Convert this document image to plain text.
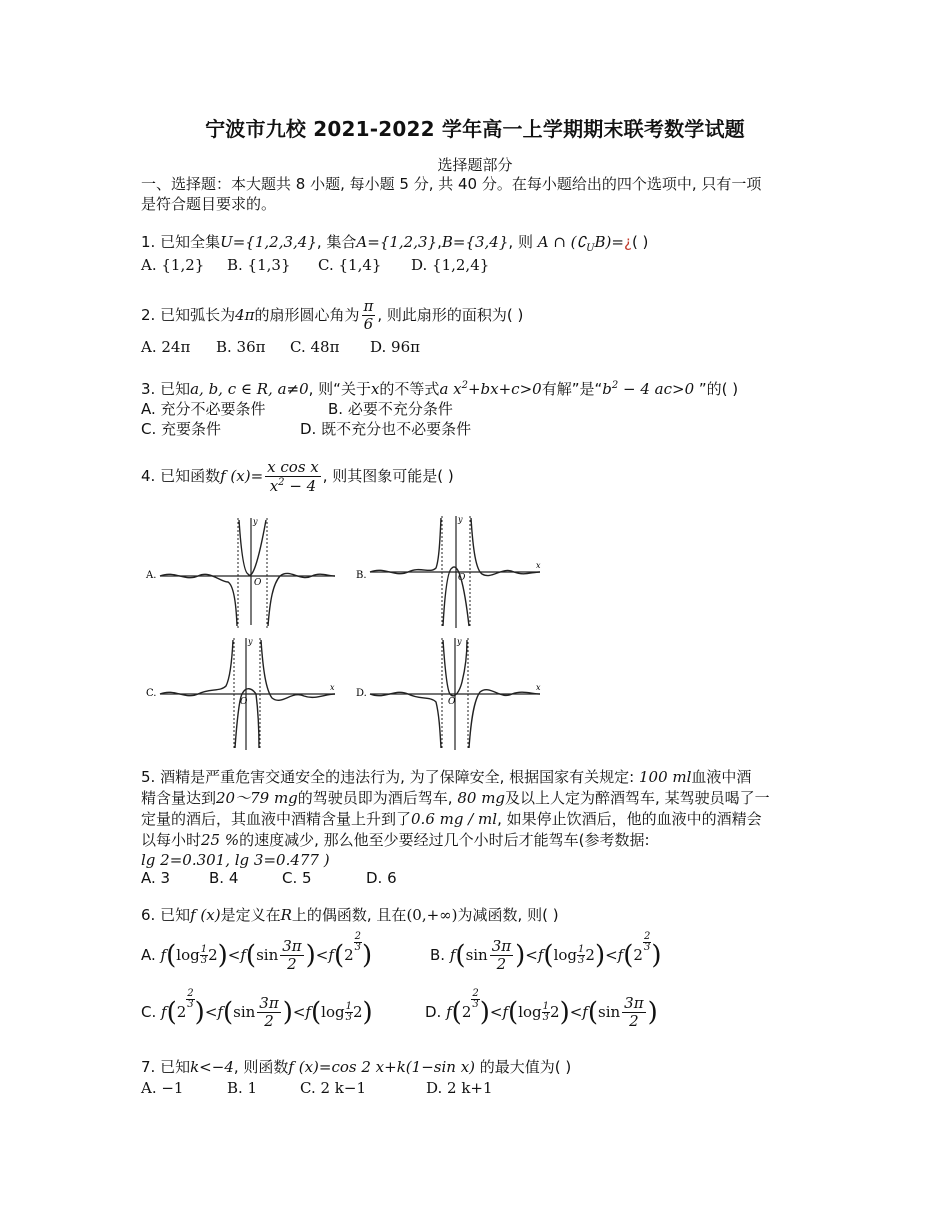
宁波市九校 2021-2022 学年高一上学期期末联考数学试题
选择题部分
一、选择题：本大题共 8 小题, 每小题 5 分, 共 40 分。在每小题给出的四个选项中, 只有一项
是符合题目要求的。
1. 已知全集U={1,2,3,4}, 集合A={1,2,3},B={3,4}, 则 A ∩ $(∁_UB)=¿$( )
A. {1,2} B. {1,3} C. {1,4} D. {1,2,4}
2. 已知弧长为4π的扇形圆心角为 $\frac{\pi}{6}$ , 则此扇形的面积为( )
A. 24π B. 36π C. 48π D. 96π
3. 已知a, b, c ∈ R, a≠0, 则“关于x的不等式a $x^2+bx+c>0$有解”是“$b^2 - 4$ ac>0 ”的( )
A. 充分不必要条件	B. 必要不充分条件
C. 充要条件	D. 既不充分也不必要条件
4. 已知函数f $(x)= \frac{\text{x cos x}}{x^2 - 4}$ , 则其图象可能是( )
A.
y
O
B.
y
x
O
C.
y
x
O
D.
y
x
O
5. 酒精是严重危害交通安全的违法行为, 为了保障安全, 根据国家有关规定: 100 ml血液中酒
精含量达到20～79 mg的驾驶员即为酒后驾车, 80 mg及以上人定为醉酒驾车, 某驾驶员喝了一
定量的酒后，其血液中酒精含量上升到了0.6 mg / ml, 如果停止饮酒后，他的血液中的酒精会
以每小时25 %的速度减少, 那么他至少要经过几个小时后才能驾车(参考数据:
lg 2=0.301, lg 3=0.477 )
A. 3	B. 4	C. 5	D. 6
6. 已知f (x)是定义在R上的偶函数, 且在(0,+∞)为减函数, 则( )
A. $f(\log \frac{1}{3} 2)<f(\sin \frac{3\pi}{2} )<f(2$
$^{\frac{2}{3}}$ )	B. $f(\sin \frac{3\pi}{2} )<f(\log \frac{1}{3} 2)<f(2$
$^{\frac{2}{3}}$ )
C. f(2
$^{\frac{2}{3}}$ )$<f(\sin \frac{3\pi}{2} )<f(\log \frac{1}{3} 2)$	D. f(2
$^{\frac{2}{3}}$ )$<f(\log \frac{1}{3} 2)<f(\sin \frac{3\pi}{2}$ )
7. 已知k<−4, 则函数f (x)=cos 2 x+k(1−sin x) 的最大值为( )
A. −1	B. 1	C. 2 k−1	D. 2 k+1
